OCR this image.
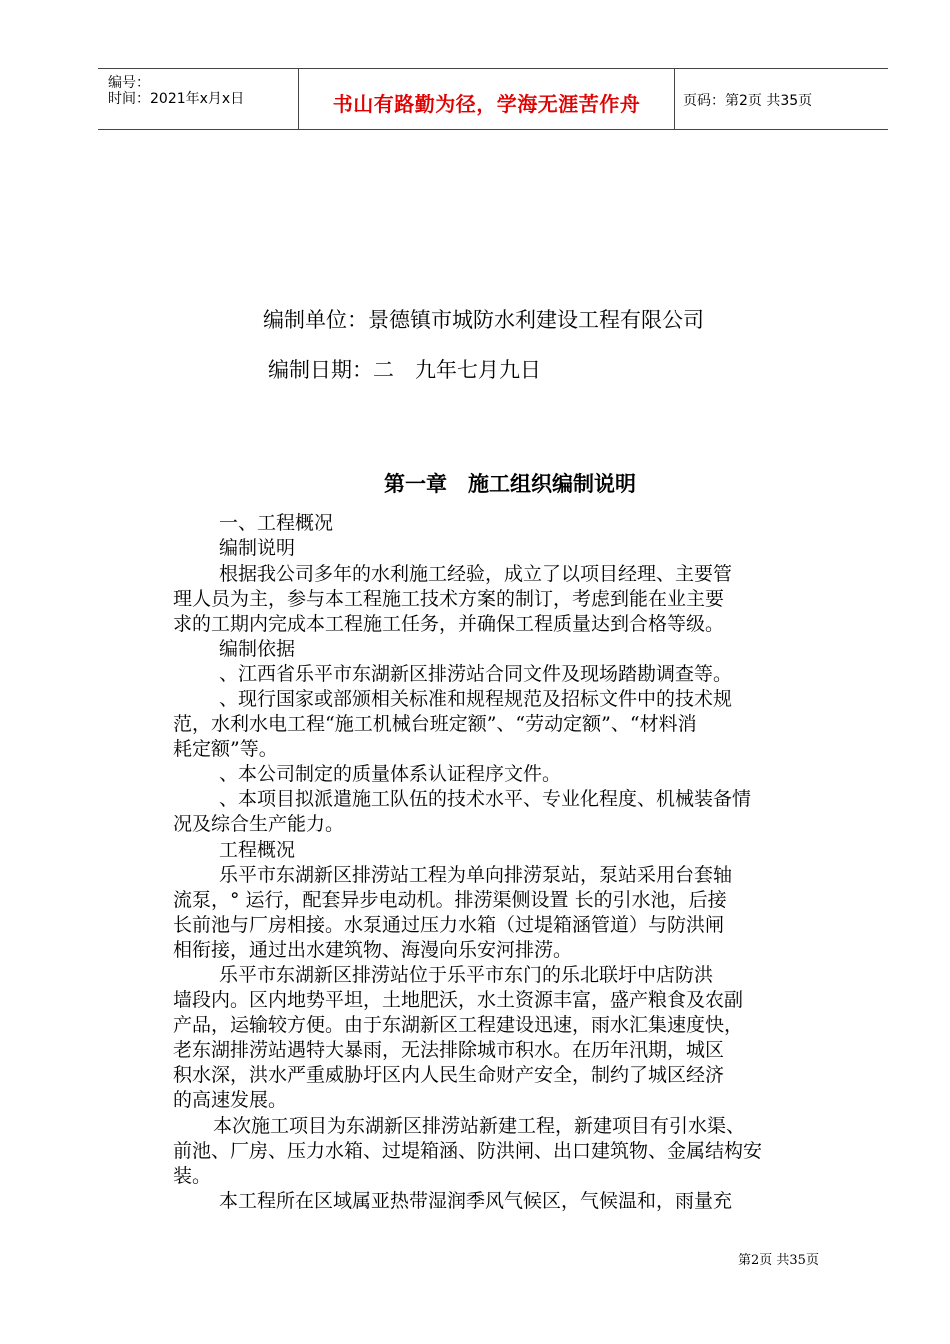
编号：
时间：2021年x月x日	书山有路勤为径，学海无涯苦作舟	页码：第2页 共35页
编制单位：景德镇市城防水利建设工程有限公司
编制日期：二　九年七月九日
第一章　施工组织编制说明
一、工程概况
编制说明
根据我公司多年的水利施工经验，成立了以项目经理、主要管
理人员为主，参与本工程施工技术方案的制订，考虑到能在业主要
求的工期内完成本工程施工任务，并确保工程质量达到合格等级。
编制依据
、江西省乐平市东湖新区排涝站合同文件及现场踏勘调查等。
、现行国家或部颁相关标准和规程规范及招标文件中的技术规
范，水利水电工程“施工机械台班定额”、“劳动定额”、“材料消
耗定额”等。
、本公司制定的质量体系认证程序文件。
、本项目拟派遣施工队伍的技术水平、专业化程度、机械装备情
况及综合生产能力。
工程概况
乐平市东湖新区排涝站工程为单向排涝泵站，泵站采用台套轴
流泵，° 运行，配套异步电动机。排涝渠侧设置 长的引水池，后接
长前池与厂房相接。水泵通过压力水箱（过堤箱涵管道）与防洪闸
相衔接，通过出水建筑物、海漫向乐安河排涝。
乐平市东湖新区排涝站位于乐平市东门的乐北联圩中店防洪
墙段内。区内地势平坦，土地肥沃，水土资源丰富，盛产粮食及农副
产品，运输较方便。由于东湖新区工程建设迅速，雨水汇集速度快，
老东湖排涝站遇特大暴雨，无法排除城市积水。在历年汛期，城区
积水深，洪水严重威胁圩区内人民生命财产安全，制约了城区经济
的高速发展。
本次施工项目为东湖新区排涝站新建工程，新建项目有引水渠、
前池、厂房、压力水箱、过堤箱涵、防洪闸、出口建筑物、金属结构安
装。
本工程所在区域属亚热带湿润季风气候区，气候温和，雨量充
第2页 共35页
